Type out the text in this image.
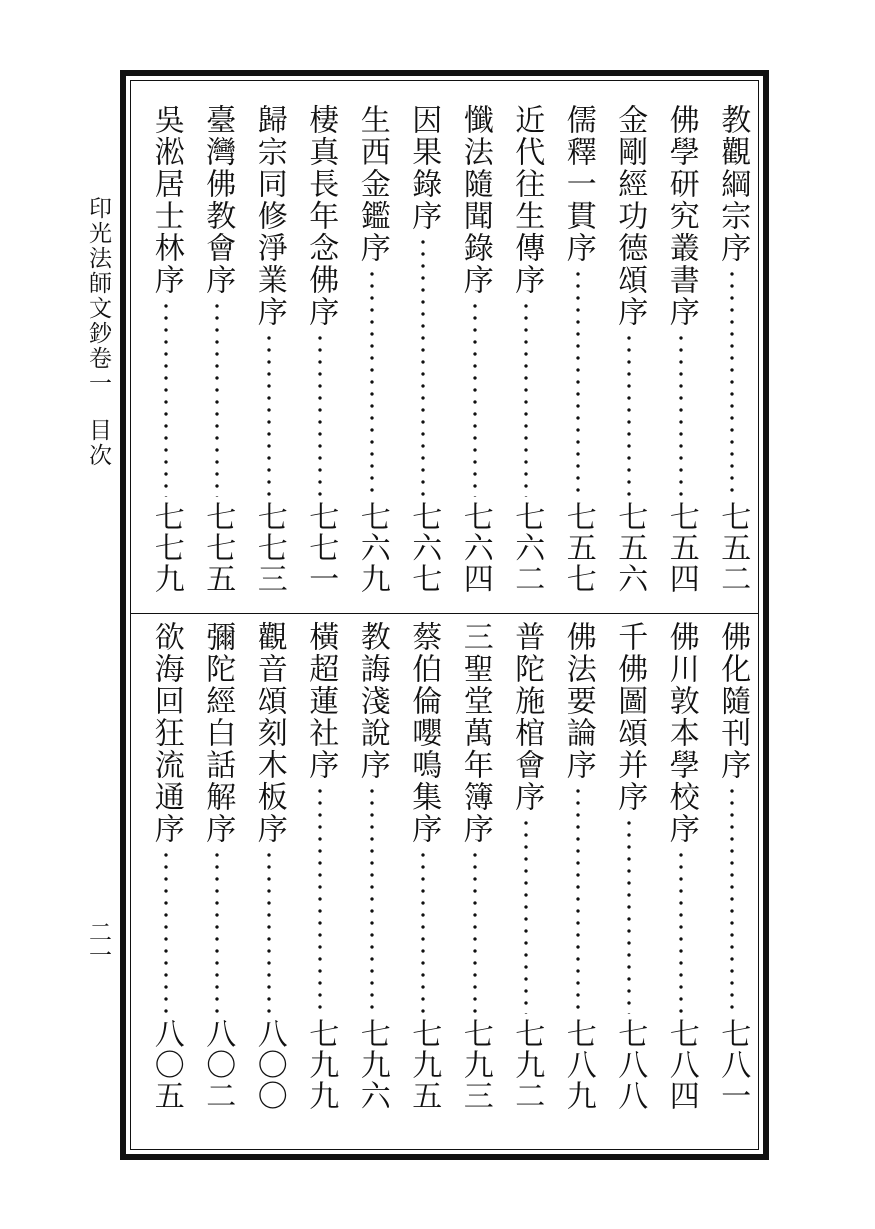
印光法師文鈔卷一目次
二一
教觀綱宗序
七五二
佛學研究叢書序
七五四
金剛經功德頌序
七五六
儒釋一貫序
七五七
近代往生傳序
七六二
懺法隨聞錄序
七六四
因果錄序
七六七
生西金鑑序
七六九
棲真長年念佛序
七七一
歸宗同修淨業序
七七三
臺灣佛教會序
七七五
吳淞居士林序
七七九
佛化隨刊序
七八一
佛川敦本學校序
七八四
千佛圖頌并序
七八八
佛法要論序
七八九
普陀施棺會序
七九二
三聖堂萬年簿序
七九三
蔡伯倫嚶鳴集序
七九五
教誨淺說序
七九六
橫超蓮社序
七九九
觀音頌刻木板序
八〇〇
彌陀經白話解序
八〇二
欲海回狂流通序
八〇五
